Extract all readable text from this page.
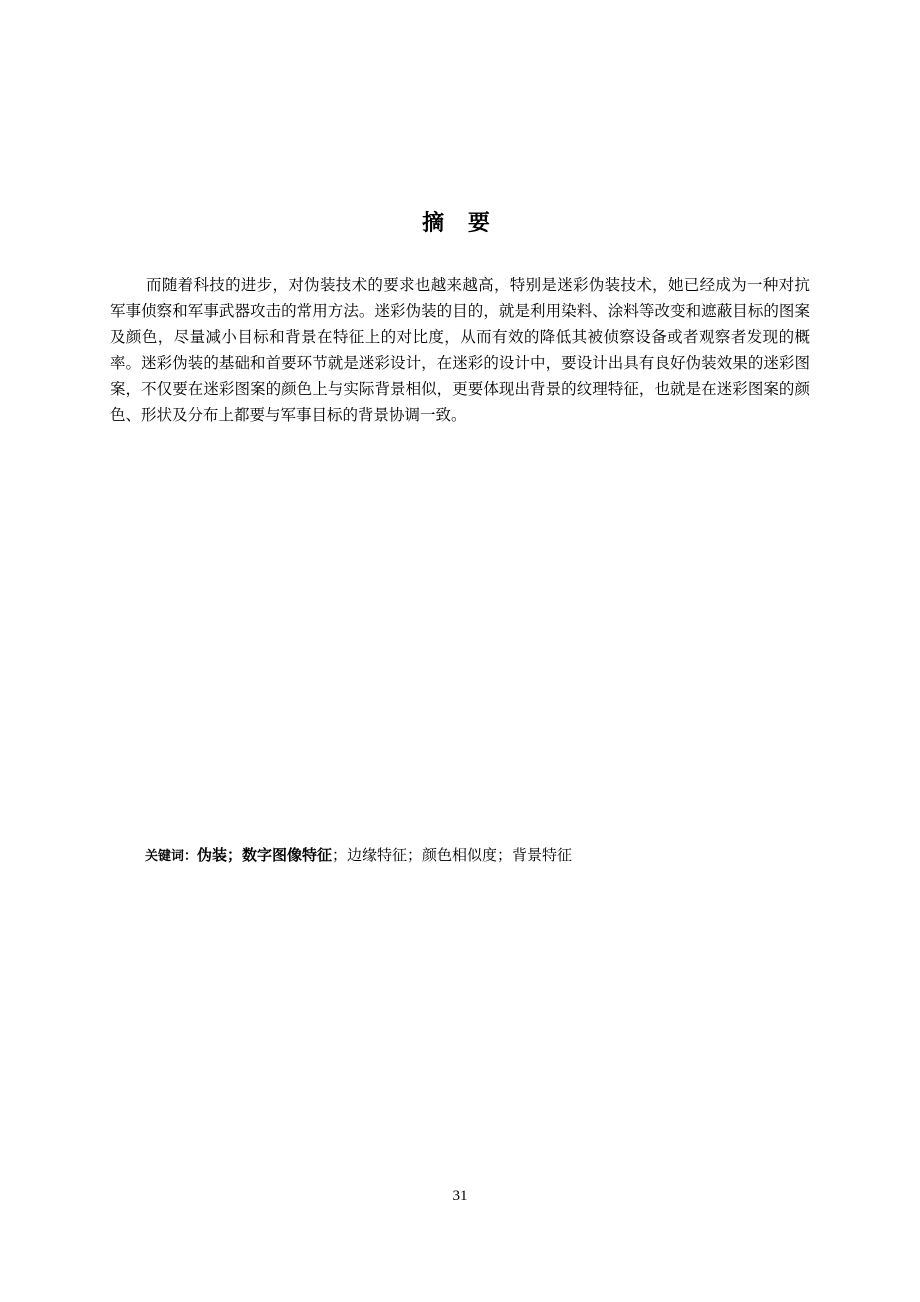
摘 要

而随着科技的进步，对伪装技术的要求也越来越高，特别是迷彩伪装技术，她已经成为一种对抗军事侦察和军事武器攻击的常用方法。迷彩伪装的目的，就是利用染料、涂料等改变和遮蔽目标的图案及颜色，尽量减小目标和背景在特征上的对比度，从而有效的降低其被侦察设备或者观察者发现的概率。迷彩伪装的基础和首要环节就是迷彩设计，在迷彩的设计中，要设计出具有良好伪装效果的迷彩图案，不仅要在迷彩图案的颜色上与实际背景相似，更要体现出背景的纹理特征，也就是在迷彩图案的颜色、形状及分布上都要与军事目标的背景协调一致。

关键词：伪装；数字图像特征；边缘特征；颜色相似度；背景特征
31
